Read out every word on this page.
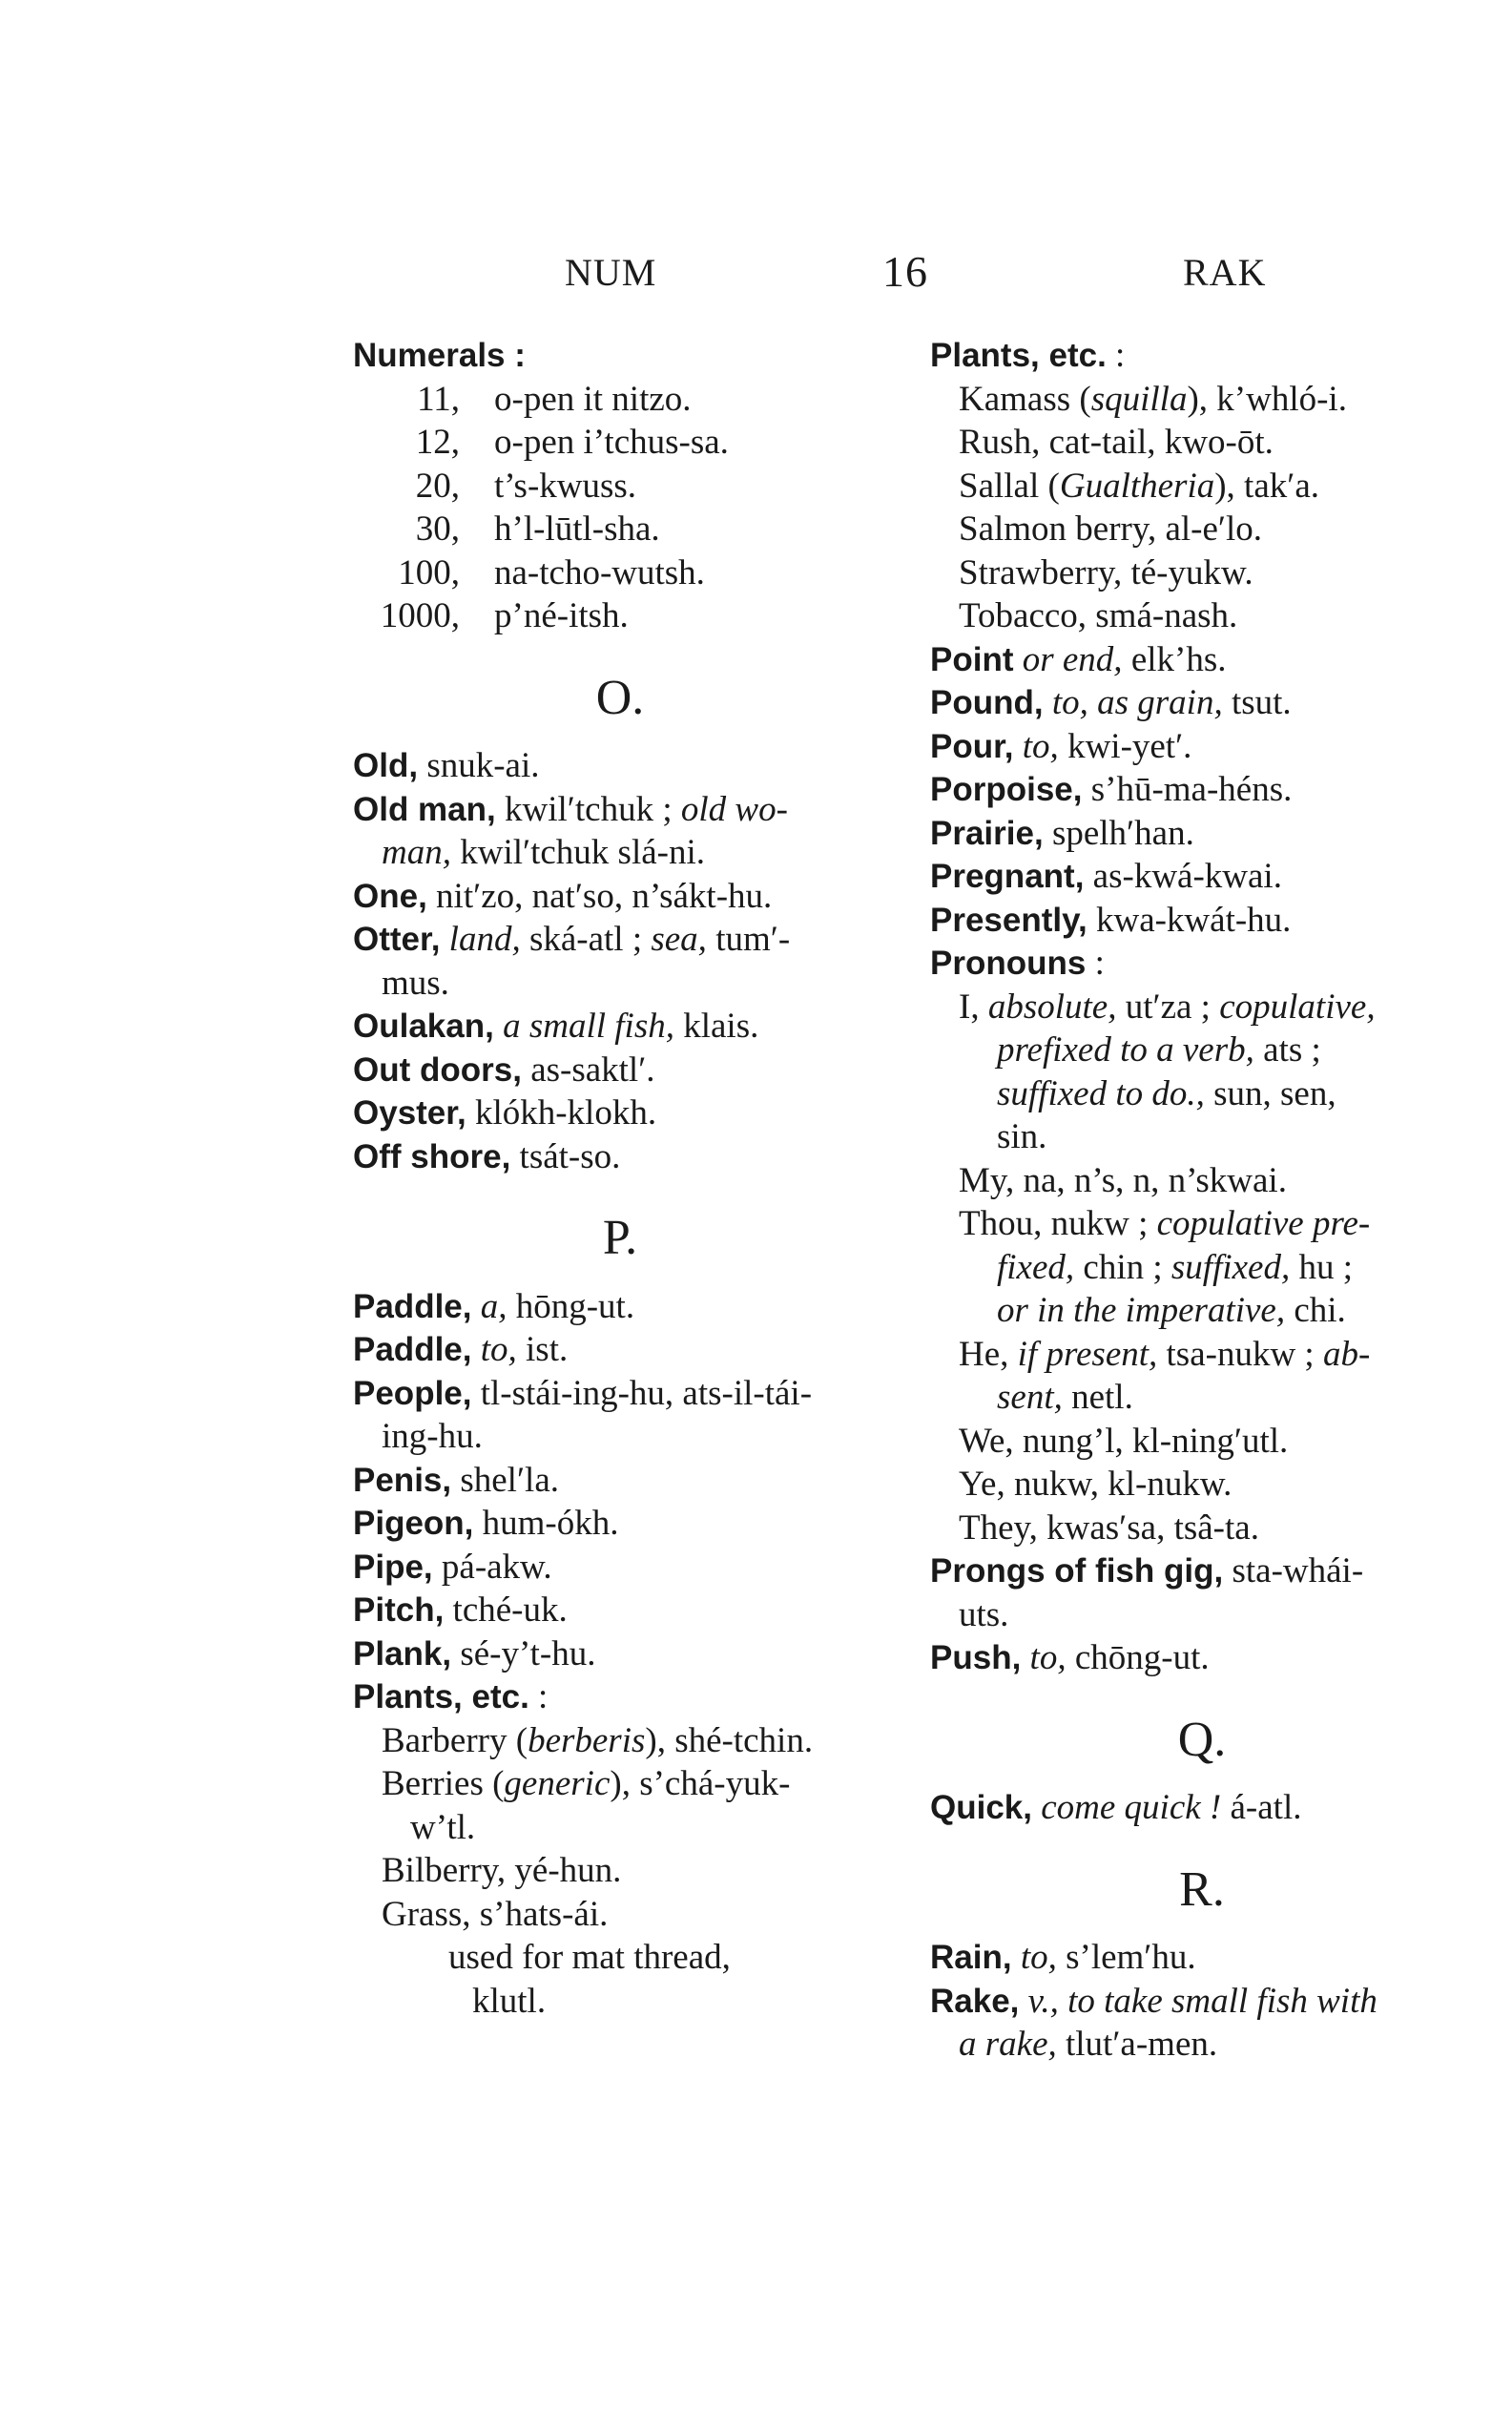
NUM	16	RAK
Numerals :
11, o-pen it nitzo.
12, o-pen i’tchus-sa.
20, t’s-kwuss.
30, h’l-lūtl-sha.
100, na-tcho-wutsh.
1000, p’né-itsh.
O.
Old, snuk-ai.
Old man, kwil′tchuk ; old wo-
man, kwil′tchuk slá-ni.
One, nit′zo, nat′so, n’sákt-hu.
Otter, land, ská-atl ; sea, tum′-
mus.
Oulakan, a small fish, klais.
Out doors, as-saktl′.
Oyster, klókh-klokh.
Off shore, tsát-so.
P.
Paddle, a, hōng-ut.
Paddle, to, ist.
People, tl-stái-ing-hu, ats-il-tái-
ing-hu.
Penis, shel′la.
Pigeon, hum-ókh.
Pipe, pá-akw.
Pitch, tché-uk.
Plank, sé-y’t-hu.
Plants, etc. :
Barberry (berberis), shé-tchin.
Berries (generic), s’chá-yuk-
w’tl.
Bilberry, yé-hun.
Grass, s’hats-ái.
used for mat thread,
klutl.
Plants, etc. :
Kamass (squilla), k’whló-i.
Rush, cat-tail, kwo-ōt.
Sallal (Gualtheria), tak′a.
Salmon berry, al-e′lo.
Strawberry, té-yukw.
Tobacco, smá-nash.
Point or end, elk’hs.
Pound, to, as grain, tsut.
Pour, to, kwi-yet′.
Porpoise, s’hū-ma-héns.
Prairie, spelh′han.
Pregnant, as-kwá-kwai.
Presently, kwa-kwát-hu.
Pronouns :
I, absolute, ut′za ; copulative,
prefixed to a verb, ats ;
suffixed to do., sun, sen,
sin.
My, na, n’s, n, n’skwai.
Thou, nukw ; copulative pre-
fixed, chin ; suffixed, hu ;
or in the imperative, chi.
He, if present, tsa-nukw ; ab-
sent, netl.
We, nung’l, kl-ning′utl.
Ye, nukw, kl-nukw.
They, kwas′sa, tsâ-ta.
Prongs of fish gig, sta-whái-
uts.
Push, to, chōng-ut.
Q.
Quick, come quick ! á-atl.
R.
Rain, to, s’lem′hu.
Rake, v., to take small fish with
a rake, tlut′a-men.
